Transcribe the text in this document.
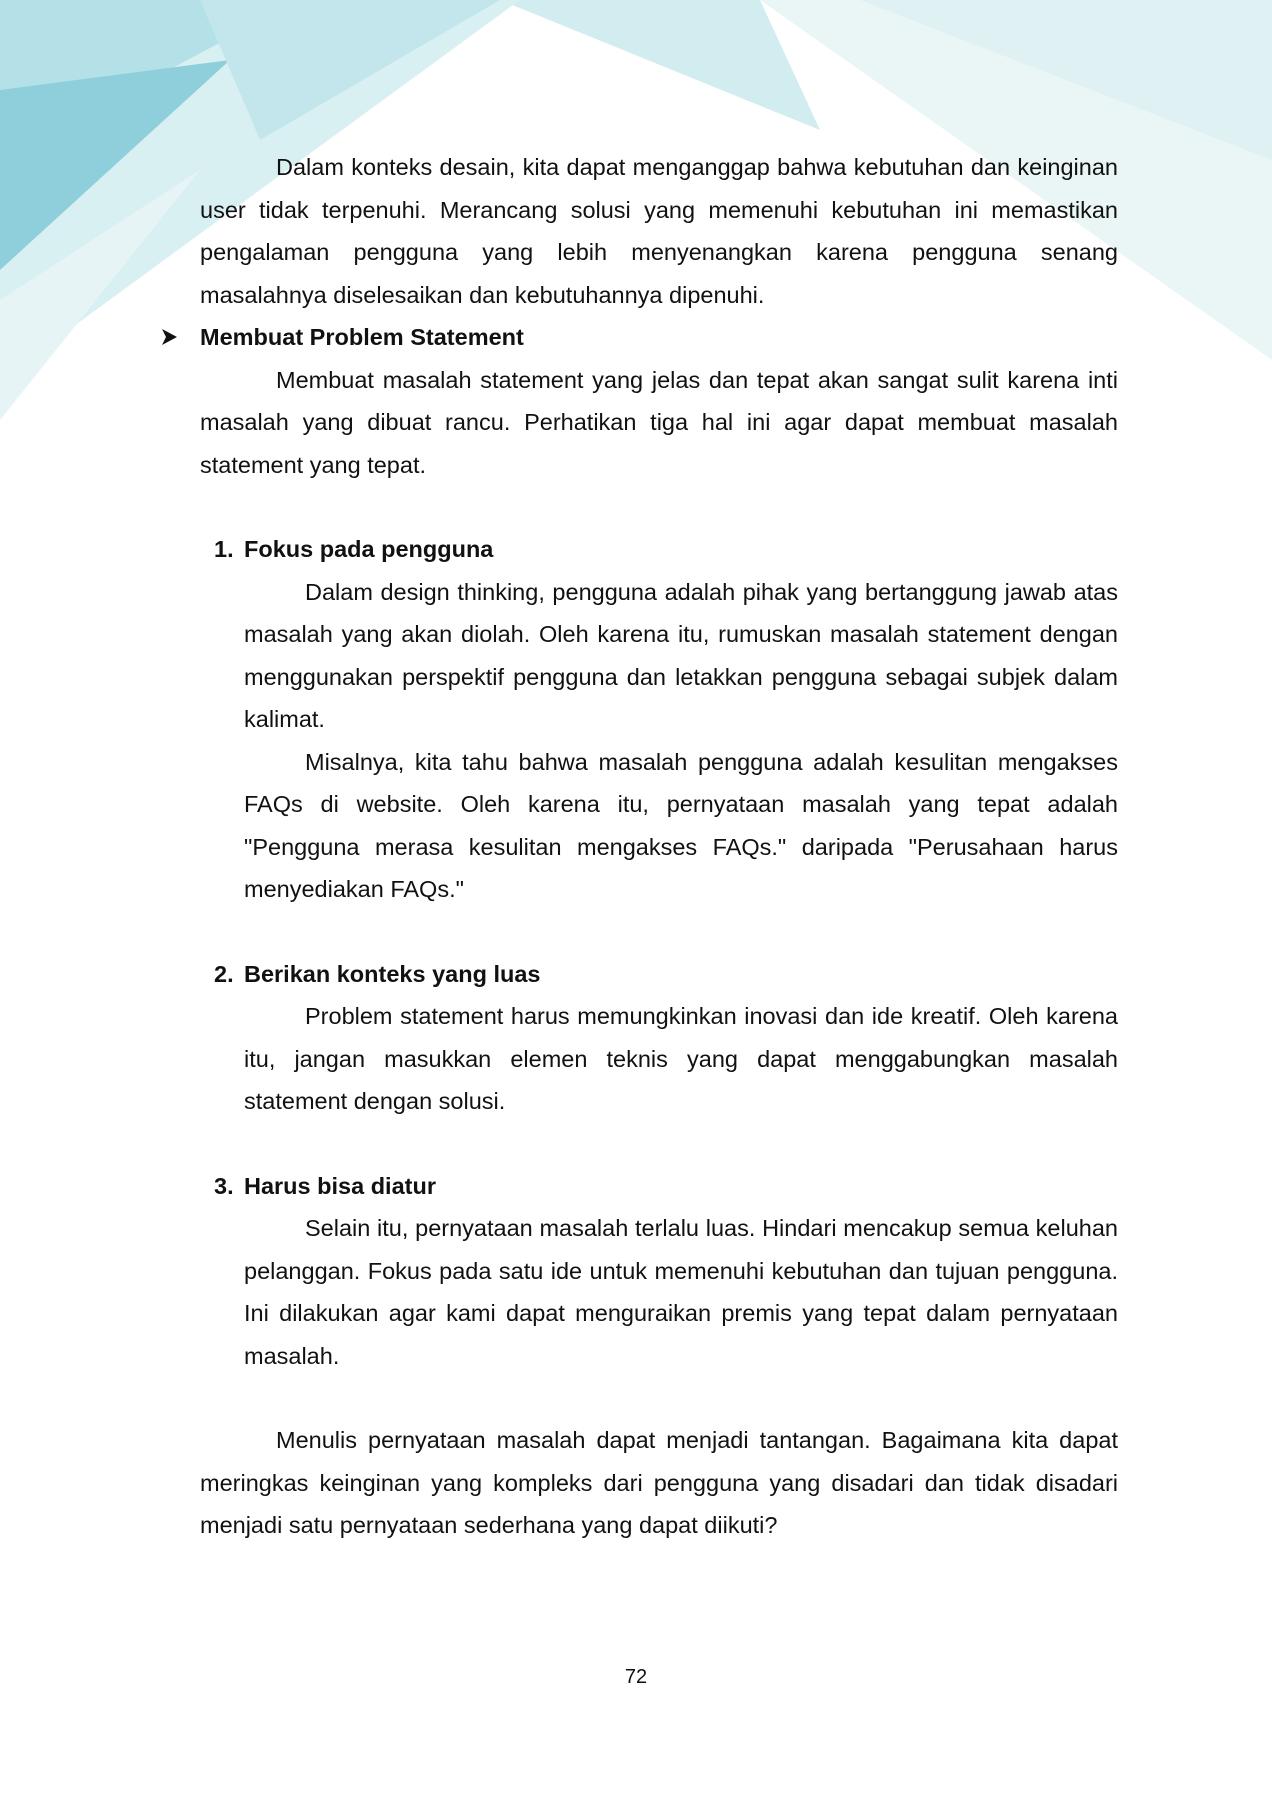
Dalam konteks desain, kita dapat menganggap bahwa kebutuhan dan keinginan user tidak terpenuhi. Merancang solusi yang memenuhi kebutuhan ini memastikan pengalaman pengguna yang lebih menyenangkan karena pengguna senang masalahnya diselesaikan dan kebutuhannya dipenuhi.

Membuat Problem Statement

Membuat masalah statement yang jelas dan tepat akan sangat sulit karena inti masalah yang dibuat rancu. Perhatikan tiga hal ini agar dapat membuat masalah statement yang tepat.

1. Fokus pada pengguna

Dalam design thinking, pengguna adalah pihak yang bertanggung jawab atas masalah yang akan diolah. Oleh karena itu, rumuskan masalah statement dengan menggunakan perspektif pengguna dan letakkan pengguna sebagai subjek dalam kalimat.

Misalnya, kita tahu bahwa masalah pengguna adalah kesulitan mengakses FAQs di website. Oleh karena itu, pernyataan masalah yang tepat adalah "Pengguna merasa kesulitan mengakses FAQs." daripada "Perusahaan harus menyediakan FAQs."

2. Berikan konteks yang luas

Problem statement harus memungkinkan inovasi dan ide kreatif. Oleh karena itu, jangan masukkan elemen teknis yang dapat menggabungkan masalah statement dengan solusi.

3. Harus bisa diatur

Selain itu, pernyataan masalah terlalu luas. Hindari mencakup semua keluhan pelanggan. Fokus pada satu ide untuk memenuhi kebutuhan dan tujuan pengguna. Ini dilakukan agar kami dapat menguraikan premis yang tepat dalam pernyataan masalah.

Menulis pernyataan masalah dapat menjadi tantangan. Bagaimana kita dapat meringkas keinginan yang kompleks dari pengguna yang disadari dan tidak disadari menjadi satu pernyataan sederhana yang dapat diikuti?

72
